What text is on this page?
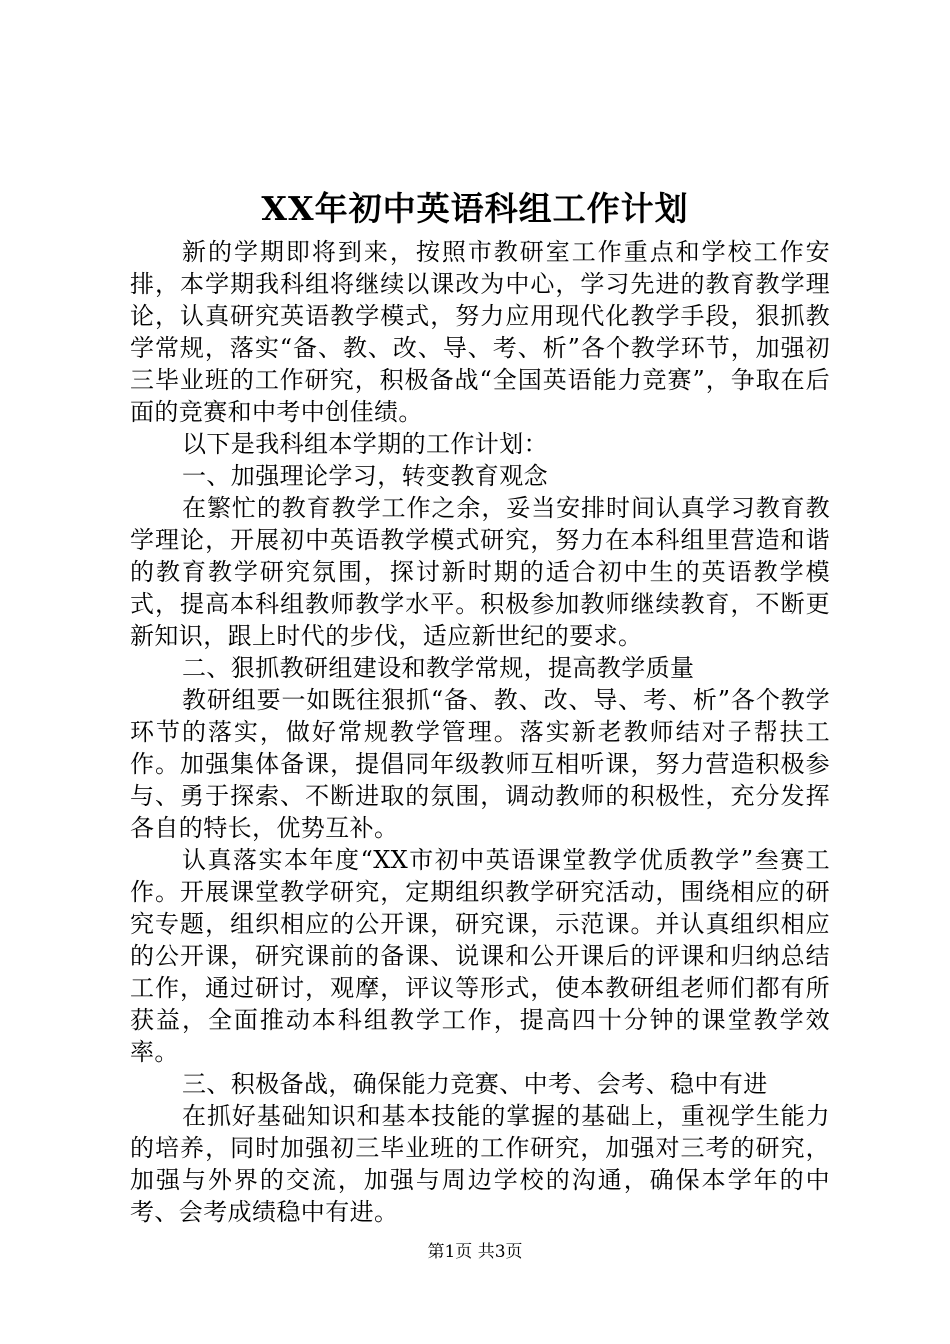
XX年初中英语科组工作计划

新的学期即将到来，按照市教研室工作重点和学校工作安排，本学期我科组将继续以课改为中心，学习先进的教育教学理论，认真研究英语教学模式，努力应用现代化教学手段，狠抓教学常规，落实“备、教、改、导、考、析”各个教学环节，加强初三毕业班的工作研究，积极备战“全国英语能力竞赛”，争取在后面的竞赛和中考中创佳绩。

以下是我科组本学期的工作计划：

一、加强理论学习，转变教育观念

在繁忙的教育教学工作之余，妥当安排时间认真学习教育教学理论，开展初中英语教学模式研究，努力在本科组里营造和谐的教育教学研究氛围，探讨新时期的适合初中生的英语教学模式，提高本科组教师教学水平。积极参加教师继续教育，不断更新知识，跟上时代的步伐，适应新世纪的要求。

二、狠抓教研组建设和教学常规，提高教学质量

教研组要一如既往狠抓“备、教、改、导、考、析”各个教学环节的落实，做好常规教学管理。落实新老教师结对子帮扶工作。加强集体备课，提倡同年级教师互相听课，努力营造积极参与、勇于探索、不断进取的氛围，调动教师的积极性，充分发挥各自的特长，优势互补。

认真落实本年度“XX市初中英语课堂教学优质教学”叁赛工作。开展课堂教学研究，定期组织教学研究活动，围绕相应的研究专题，组织相应的公开课，研究课，示范课。并认真组织相应的公开课，研究课前的备课、说课和公开课后的评课和归纳总结工作，通过研讨，观摩，评议等形式，使本教研组老师们都有所获益，全面推动本科组教学工作，提高四十分钟的课堂教学效率。

三、积极备战，确保能力竞赛、中考、会考、稳中有进

在抓好基础知识和基本技能的掌握的基础上，重视学生能力的培养，同时加强初三毕业班的工作研究，加强对三考的研究，加强与外界的交流，加强与周边学校的沟通，确保本学年的中考、会考成绩稳中有进。

第1页 共3页
